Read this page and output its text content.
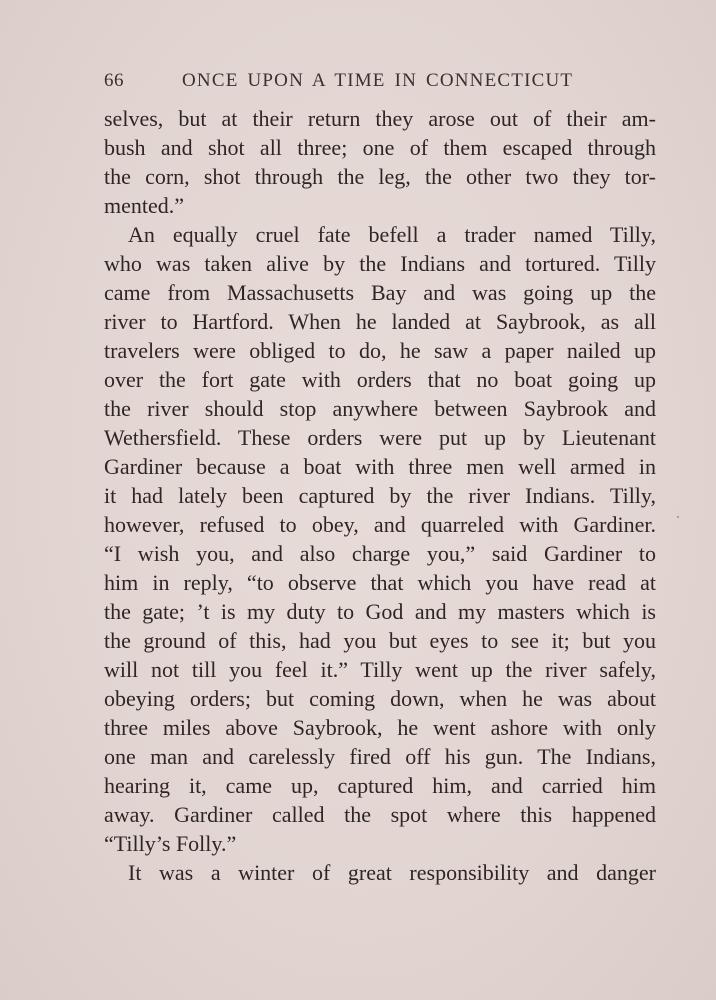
66	ONCE UPON A TIME IN CONNECTICUT
selves, but at their return they arose out of their am-
bush and shot all three; one of them escaped through
the corn, shot through the leg, the other two they tor-
mented.”
An equally cruel fate befell a trader named Tilly,
who was taken alive by the Indians and tortured. Tilly
came from Massachusetts Bay and was going up the
river to Hartford. When he landed at Saybrook, as all
travelers were obliged to do, he saw a paper nailed up
over the fort gate with orders that no boat going up
the river should stop anywhere between Saybrook and
Wethersfield. These orders were put up by Lieutenant
Gardiner because a boat with three men well armed in
it had lately been captured by the river Indians. Tilly,
however, refused to obey, and quarreled with Gardiner.
“I wish you, and also charge you,” said Gardiner to
him in reply, “to observe that which you have read at
the gate; ’t is my duty to God and my masters which is
the ground of this, had you but eyes to see it; but you
will not till you feel it.” Tilly went up the river safely,
obeying orders; but coming down, when he was about
three miles above Saybrook, he went ashore with only
one man and carelessly fired off his gun. The Indians,
hearing it, came up, captured him, and carried him
away. Gardiner called the spot where this happened
“Tilly’s Folly.”
It was a winter of great responsibility and danger
